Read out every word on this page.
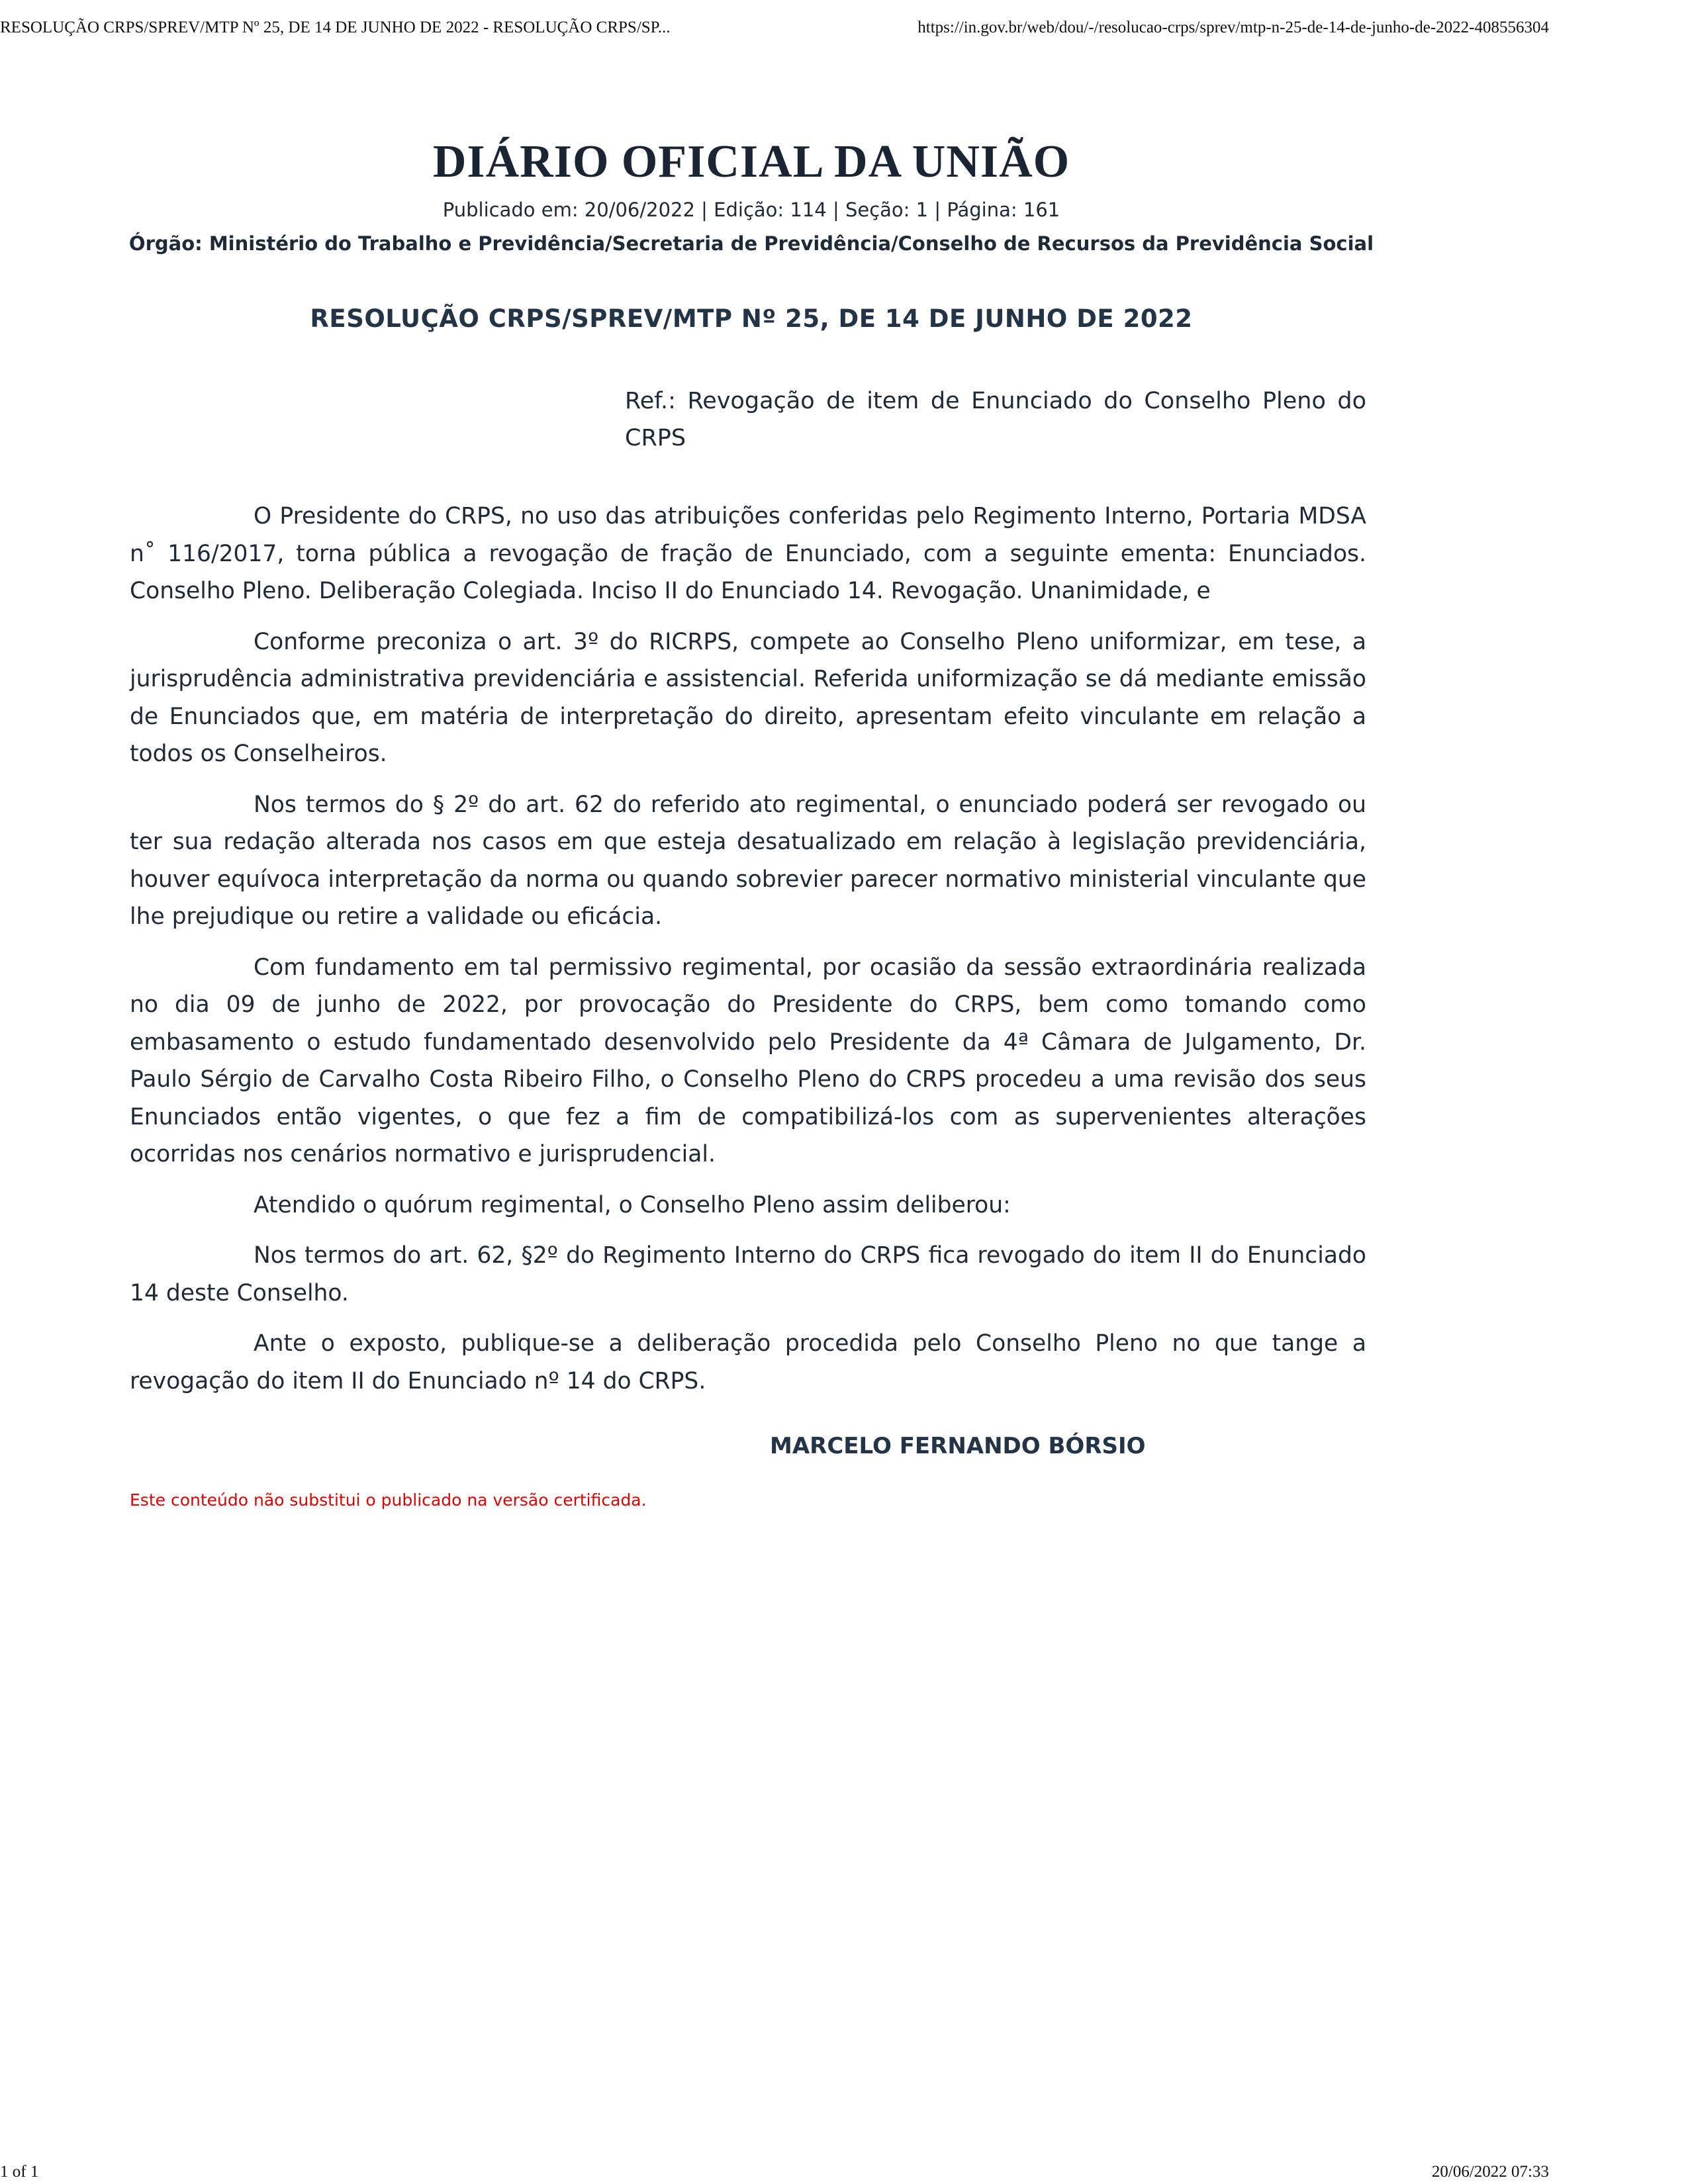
RESOLUÇÃO CRPS/SPREV/MTP Nº 25, DE 14 DE JUNHO DE 2022 - RESOLUÇÃO CRPS/SP...	https://in.gov.br/web/dou/-/resolucao-crps/sprev/mtp-n-25-de-14-de-junho-de-2022-408556304
DIÁRIO OFICIAL DA UNIÃO
Publicado em: 20/06/2022 | Edição: 114 | Seção: 1 | Página: 161
Órgão: Ministério do Trabalho e Previdência/Secretaria de Previdência/Conselho de Recursos da Previdência Social
RESOLUÇÃO CRPS/SPREV/MTP Nº 25, DE 14 DE JUNHO DE 2022
Ref.: Revogação de item de Enunciado do Conselho Pleno do CRPS

O Presidente do CRPS, no uso das atribuições conferidas pelo Regimento Interno, Portaria MDSA n˚ 116/2017, torna pública a revogação de fração de Enunciado, com a seguinte ementa: Enunciados. Conselho Pleno. Deliberação Colegiada. Inciso II do Enunciado 14. Revogação. Unanimidade, e

Conforme preconiza o art. 3º do RICRPS, compete ao Conselho Pleno uniformizar, em tese, a jurisprudência administrativa previdenciária e assistencial. Referida uniformização se dá mediante emissão de Enunciados que, em matéria de interpretação do direito, apresentam efeito vinculante em relação a todos os Conselheiros.

Nos termos do § 2º do art. 62 do referido ato regimental, o enunciado poderá ser revogado ou ter sua redação alterada nos casos em que esteja desatualizado em relação à legislação previdenciária, houver equívoca interpretação da norma ou quando sobrevier parecer normativo ministerial vinculante que lhe prejudique ou retire a validade ou eficácia.

Com fundamento em tal permissivo regimental, por ocasião da sessão extraordinária realizada no dia 09 de junho de 2022, por provocação do Presidente do CRPS, bem como tomando como embasamento o estudo fundamentado desenvolvido pelo Presidente da 4ª Câmara de Julgamento, Dr. Paulo Sérgio de Carvalho Costa Ribeiro Filho, o Conselho Pleno do CRPS procedeu a uma revisão dos seus Enunciados então vigentes, o que fez a fim de compatibilizá-los com as supervenientes alterações ocorridas nos cenários normativo e jurisprudencial.

Atendido o quórum regimental, o Conselho Pleno assim deliberou:

Nos termos do art. 62, §2º do Regimento Interno do CRPS fica revogado do item II do Enunciado 14 deste Conselho.

Ante o exposto, publique-se a deliberação procedida pelo Conselho Pleno no que tange a revogação do item II do Enunciado nº 14 do CRPS.

MARCELO FERNANDO BÓRSIO
Este conteúdo não substitui o publicado na versão certificada.
1 of 1	20/06/2022 07:33
